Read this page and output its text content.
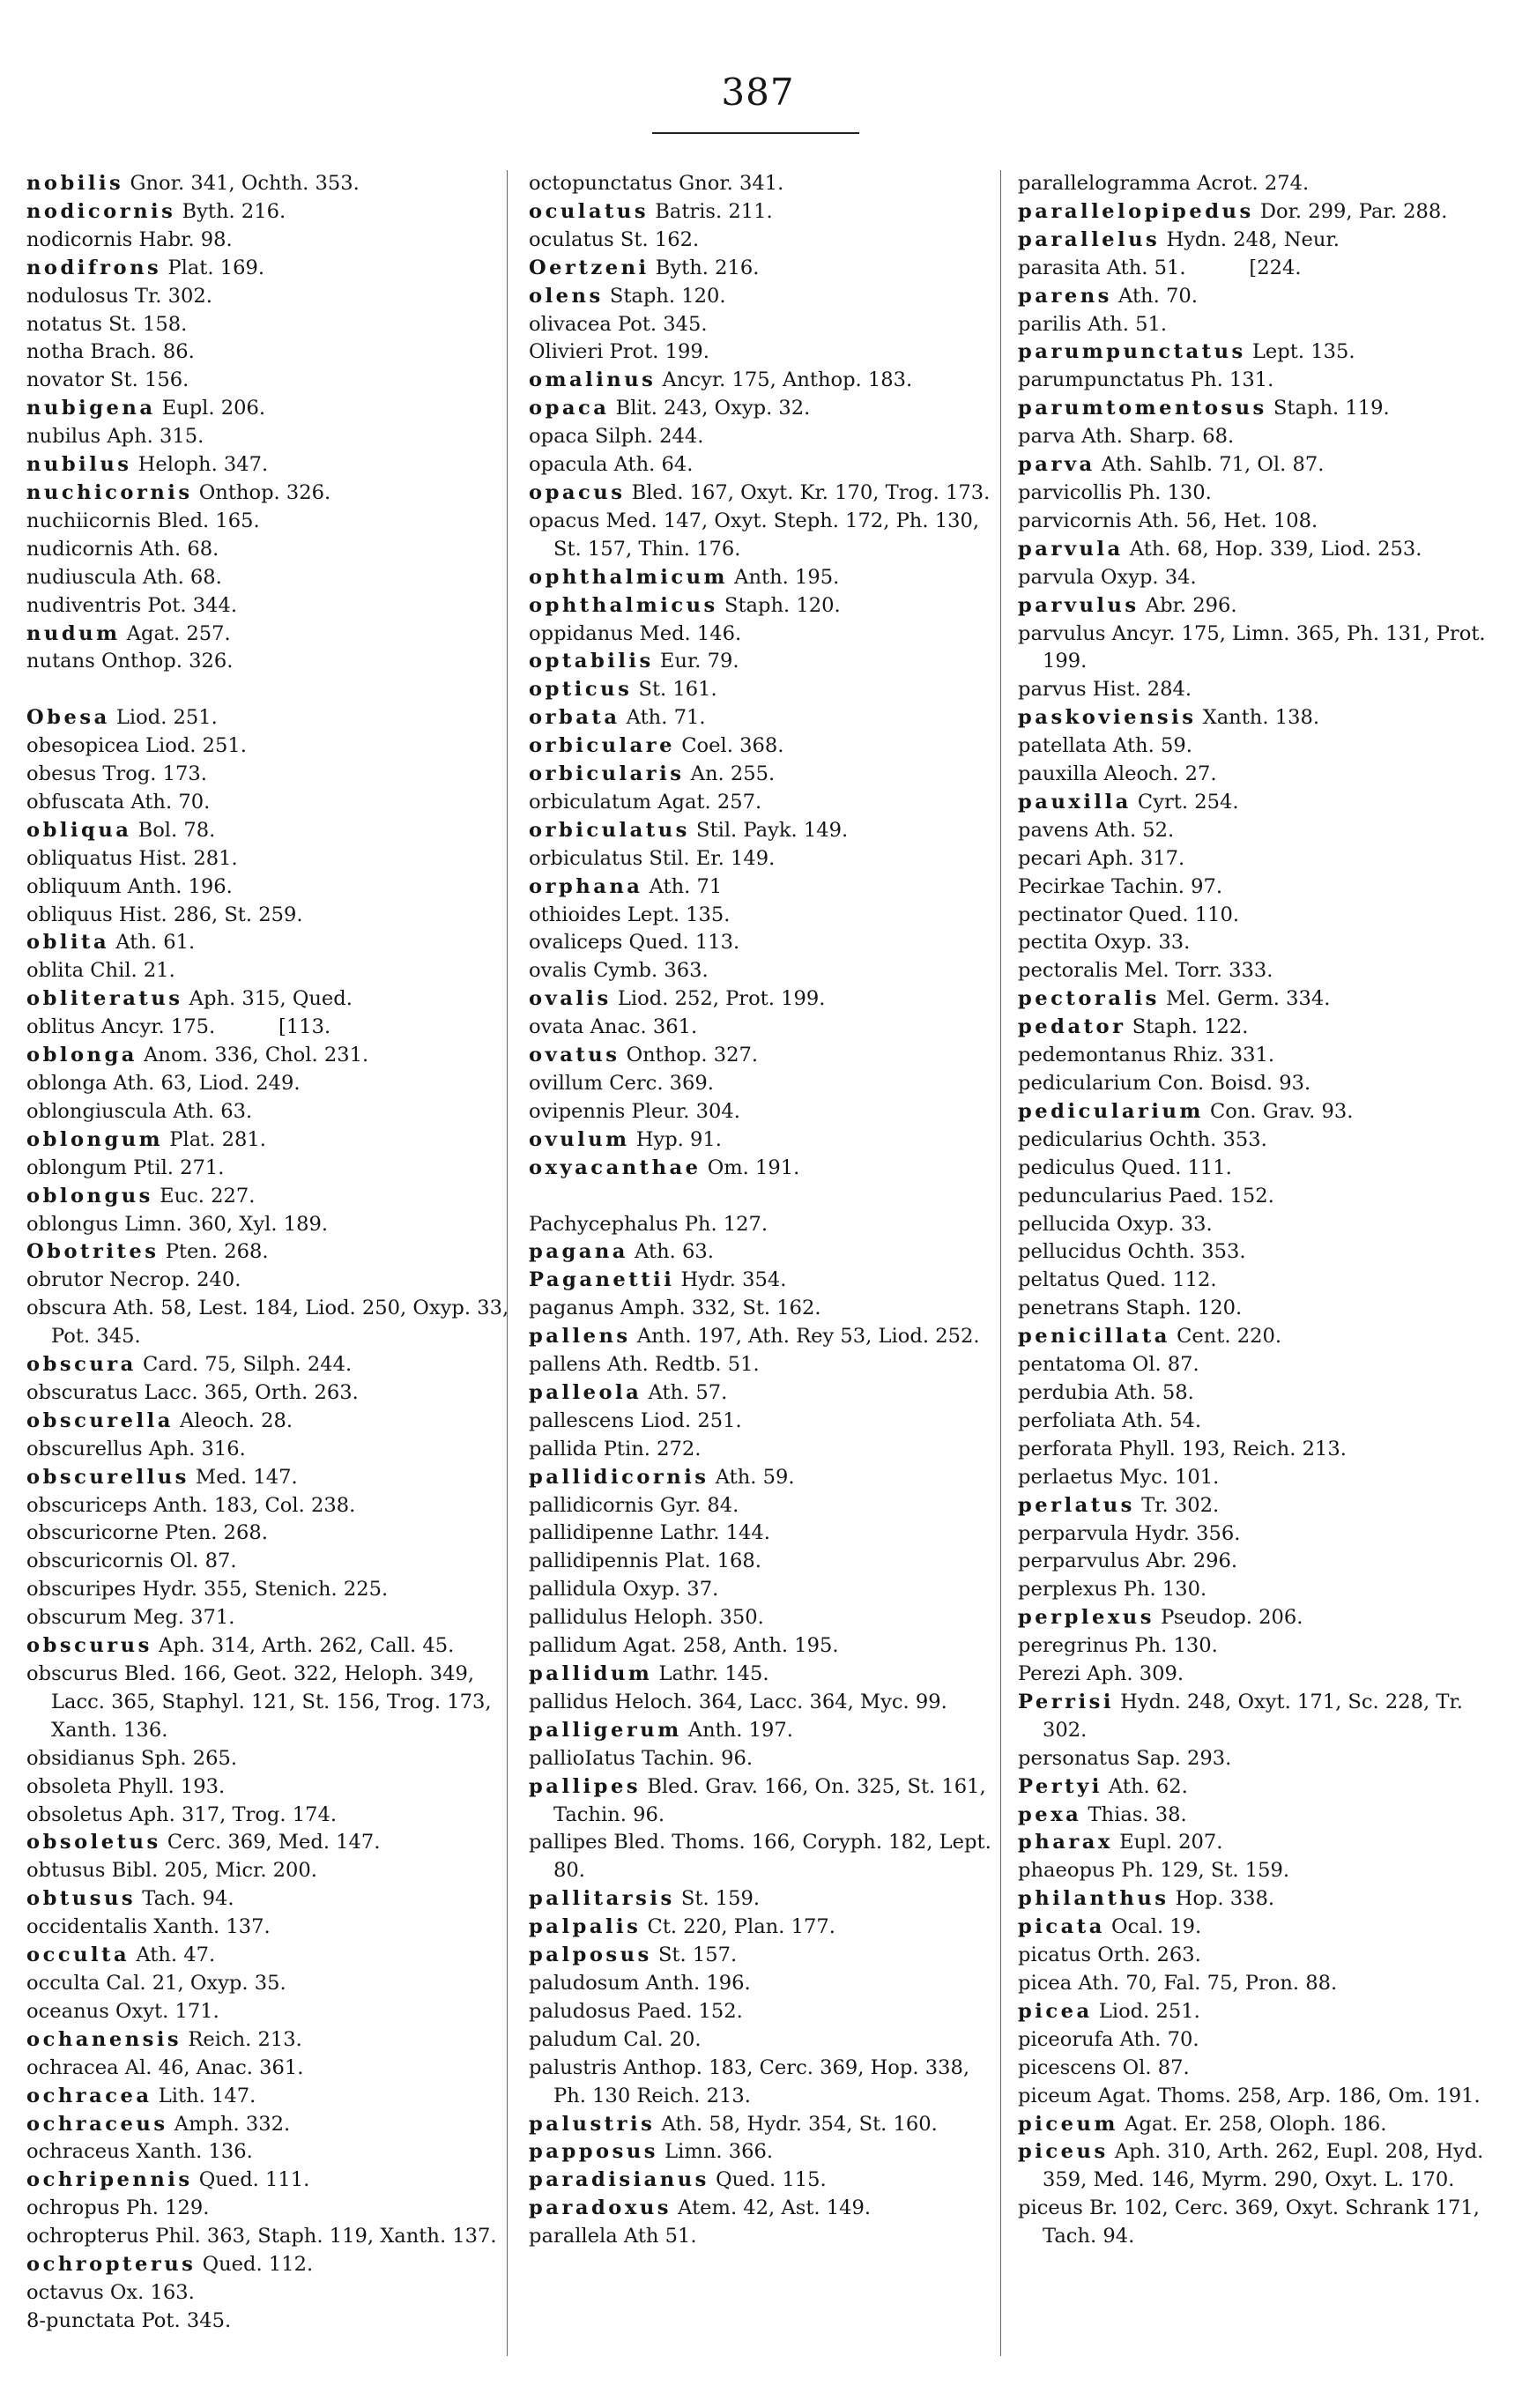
387
nobilis Gnor. 341, Ochth. 353.
nodicornis Byth. 216.
nodicornis Habr. 98.
nodifrons Plat. 169.
nodulosus Tr. 302.
notatus St. 158.
notha Brach. 86.
novator St. 156.
nubigena Eupl. 206.
nubilus Aph. 315.
nubilus Heloph. 347.
nuchicornis Onthop. 326.
nuchiicornis Bled. 165.
nudicornis Ath. 68.
nudiuscula Ath. 68.
nudiventris Pot. 344.
nudum Agat. 257.
nutans Onthop. 326.
Obesa Liod. 251.
obesopicea Liod. 251.
obesus Trog. 173.
obfuscata Ath. 70.
obliqua Bol. 78.
obliquatus Hist. 281.
obliquum Anth. 196.
obliquus Hist. 286, St. 259.
oblita Ath. 61.
oblita Chil. 21.
obliteratus Aph. 315, Qued.
oblitus Ancyr. 175.          [113.
oblonga Anom. 336, Chol. 231.
oblonga Ath. 63, Liod. 249.
oblongiuscula Ath. 63.
oblongum Plat. 281.
oblongum Ptil. 271.
oblongus Euc. 227.
oblongus Limn. 360, Xyl. 189.
Obotrites Pten. 268.
obrutor Necrop. 240.
obscura Ath. 58, Lest. 184, Liod. 250, Oxyp. 33, Pot. 345.
obscura Card. 75, Silph. 244.
obscuratus Lacc. 365, Orth. 263.
obscurella Aleoch. 28.
obscurellus Aph. 316.
obscurellus Med. 147.
obscuriceps Anth. 183, Col. 238.
obscuricorne Pten. 268.
obscuricornis Ol. 87.
obscuripes Hydr. 355, Stenich. 225.
obscurum Meg. 371.
obscurus Aph. 314, Arth. 262, Call. 45.
obscurus Bled. 166, Geot. 322, Heloph. 349, Lacc. 365, Staphyl. 121, St. 156, Trog. 173, Xanth. 136.
obsidianus Sph. 265.
obsoleta Phyll. 193.
obsoletus Aph. 317, Trog. 174.
obsoletus Cerc. 369, Med. 147.
obtusus Bibl. 205, Micr. 200.
obtusus Tach. 94.
occidentalis Xanth. 137.
occulta Ath. 47.
occulta Cal. 21, Oxyp. 35.
oceanus Oxyt. 171.
ochanensis Reich. 213.
ochracea Al. 46, Anac. 361.
ochracea Lith. 147.
ochraceus Amph. 332.
ochraceus Xanth. 136.
ochripennis Qued. 111.
ochropus Ph. 129.
ochropterus Phil. 363, Staph. 119, Xanth. 137.
ochropterus Qued. 112.
octavus Ox. 163.
8-punctata Pot. 345.
octopunctatus Gnor. 341.
oculatus Batris. 211.
oculatus St. 162.
Oertzeni Byth. 216.
olens Staph. 120.
olivacea Pot. 345.
Olivieri Prot. 199.
omalinus Ancyr. 175, Anthop. 183.
opaca Blit. 243, Oxyp. 32.
opaca Silph. 244.
opacula Ath. 64.
opacus Bled. 167, Oxyt. Kr. 170, Trog. 173.
opacus Med. 147, Oxyt. Steph. 172, Ph. 130, St. 157, Thin. 176.
ophthalmicum Anth. 195.
ophthalmicus Staph. 120.
oppidanus Med. 146.
optabilis Eur. 79.
opticus St. 161.
orbata Ath. 71.
orbiculare Coel. 368.
orbicularis An. 255.
orbiculatum Agat. 257.
orbiculatus Stil. Payk. 149.
orbiculatus Stil. Er. 149.
orphana Ath. 71
othioides Lept. 135.
ovaliceps Qued. 113.
ovalis Cymb. 363.
ovalis Liod. 252, Prot. 199.
ovata Anac. 361.
ovatus Onthop. 327.
ovillum Cerc. 369.
ovipennis Pleur. 304.
ovulum Hyp. 91.
oxyacanthae Om. 191.
Pachycephalus Ph. 127.
pagana Ath. 63.
Paganettii Hydr. 354.
paganus Amph. 332, St. 162.
pallens Anth. 197, Ath. Rey 53, Liod. 252.
pallens Ath. Redtb. 51.
palleola Ath. 57.
pallescens Liod. 251.
pallida Ptin. 272.
pallidicornis Ath. 59.
pallidicornis Gyr. 84.
pallidipenne Lathr. 144.
pallidipennis Plat. 168.
pallidula Oxyp. 37.
pallidulus Heloph. 350.
pallidum Agat. 258, Anth. 195.
pallidum Lathr. 145.
pallidus Heloch. 364, Lacc. 364, Myc. 99.
palligerum Anth. 197.
pallioIatus Tachin. 96.
pallipes Bled. Grav. 166, On. 325, St. 161, Tachin. 96.
pallipes Bled. Thoms. 166, Coryph. 182, Lept. 80.
pallitarsis St. 159.
palpalis Ct. 220, Plan. 177.
palposus St. 157.
paludosum Anth. 196.
paludosus Paed. 152.
paludum Cal. 20.
palustris Anthop. 183, Cerc. 369, Hop. 338, Ph. 130 Reich. 213.
palustris Ath. 58, Hydr. 354, St. 160.
papposus Limn. 366.
paradisianus Qued. 115.
paradoxus Atem. 42, Ast. 149.
parallela Ath 51.
parallelogramma Acrot. 274.
parallelopipedus Dor. 299, Par. 288.
parallelus Hydn. 248, Neur.
parasita Ath. 51.          [224.
parens Ath. 70.
parilis Ath. 51.
parumpunctatus Lept. 135.
parumpunctatus Ph. 131.
parumtomentosus Staph. 119.
parva Ath. Sharp. 68.
parva Ath. Sahlb. 71, Ol. 87.
parvicollis Ph. 130.
parvicornis Ath. 56, Het. 108.
parvula Ath. 68, Hop. 339, Liod. 253.
parvula Oxyp. 34.
parvulus Abr. 296.
parvulus Ancyr. 175, Limn. 365, Ph. 131, Prot. 199.
parvus Hist. 284.
paskoviensis Xanth. 138.
patellata Ath. 59.
pauxilla Aleoch. 27.
pauxilla Cyrt. 254.
pavens Ath. 52.
pecari Aph. 317.
Pecirkae Tachin. 97.
pectinator Qued. 110.
pectita Oxyp. 33.
pectoralis Mel. Torr. 333.
pectoralis Mel. Germ. 334.
pedator Staph. 122.
pedemontanus Rhiz. 331.
pedicularium Con. Boisd. 93.
pedicularium Con. Grav. 93.
pedicularius Ochth. 353.
pediculus Qued. 111.
peduncularius Paed. 152.
pellucida Oxyp. 33.
pellucidus Ochth. 353.
peltatus Qued. 112.
penetrans Staph. 120.
penicillata Cent. 220.
pentatoma Ol. 87.
perdubia Ath. 58.
perfoliata Ath. 54.
perforata Phyll. 193, Reich. 213.
perlaetus Myc. 101.
perlatus Tr. 302.
perparvula Hydr. 356.
perparvulus Abr. 296.
perplexus Ph. 130.
perplexus Pseudop. 206.
peregrinus Ph. 130.
Perezi Aph. 309.
Perrisi Hydn. 248, Oxyt. 171, Sc. 228, Tr. 302.
personatus Sap. 293.
Pertyi Ath. 62.
pexa Thias. 38.
pharax Eupl. 207.
phaeopus Ph. 129, St. 159.
philanthus Hop. 338.
picata Ocal. 19.
picatus Orth. 263.
picea Ath. 70, Fal. 75, Pron. 88.
picea Liod. 251.
piceorufa Ath. 70.
picescens Ol. 87.
piceum Agat. Thoms. 258, Arp. 186, Om. 191.
piceum Agat. Er. 258, Oloph. 186.
piceus Aph. 310, Arth. 262, Eupl. 208, Hyd. 359, Med. 146, Myrm. 290, Oxyt. L. 170.
piceus Br. 102, Cerc. 369, Oxyt. Schrank 171, Tach. 94.
